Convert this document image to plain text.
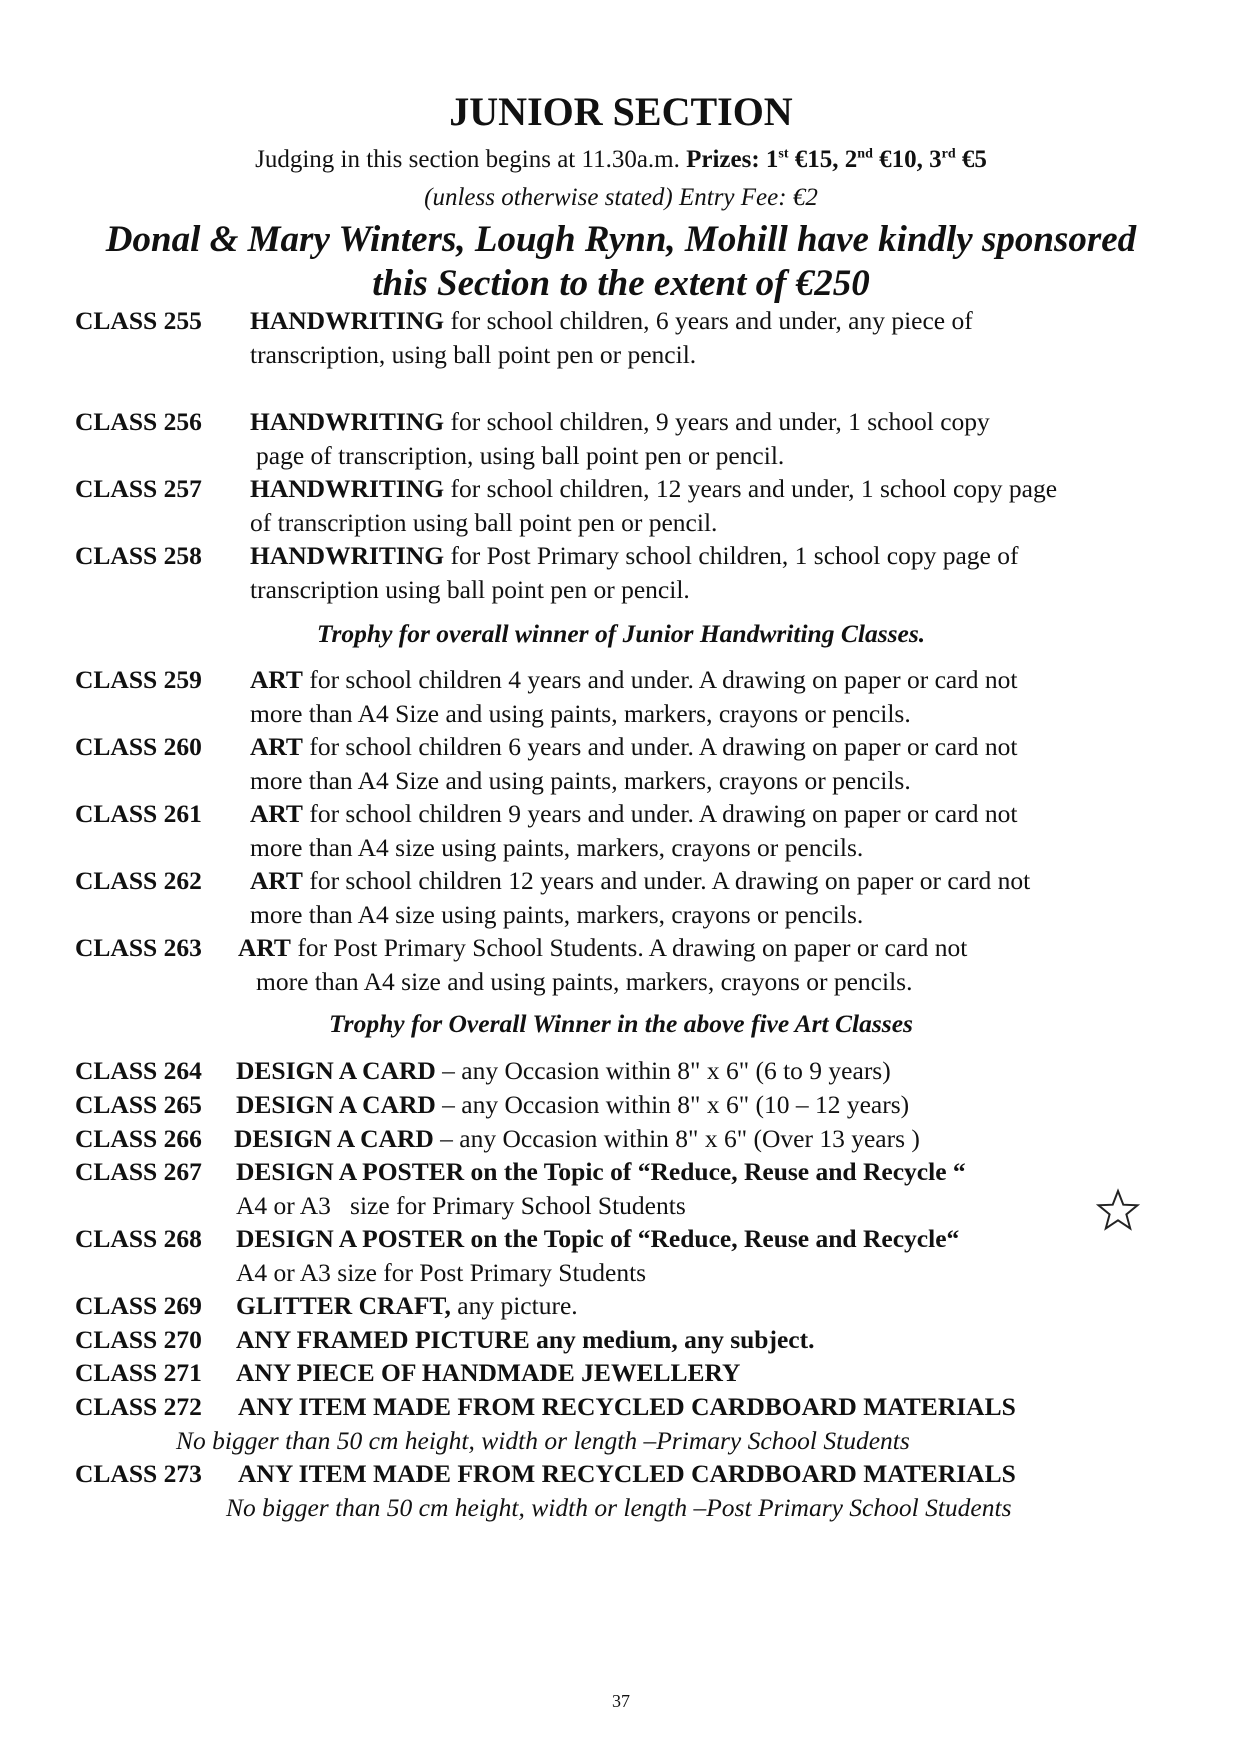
JUNIOR SECTION
Judging in this section begins at 11.30a.m. Prizes: 1st €15, 2nd €10, 3rd €5
(unless otherwise stated) Entry Fee: €2
Donal & Mary Winters, Lough Rynn, Mohill have kindly sponsored
this Section to the extent of €250
CLASS 255 HANDWRITING for school children, 6 years and under, any piece of
transcription, using ball point pen or pencil.
CLASS 256 HANDWRITING for school children, 9 years and under, 1 school copy
page of transcription, using ball point pen or pencil.
CLASS 257 HANDWRITING for school children, 12 years and under, 1 school copy page
of transcription using ball point pen or pencil.
CLASS 258 HANDWRITING for Post Primary school children, 1 school copy page of
transcription using ball point pen or pencil.
Trophy for overall winner of Junior Handwriting Classes.
CLASS 259 ART for school children 4 years and under. A drawing on paper or card not
more than A4 Size and using paints, markers, crayons or pencils.
CLASS 260 ART for school children 6 years and under. A drawing on paper or card not
more than A4 Size and using paints, markers, crayons or pencils.
CLASS 261 ART for school children 9 years and under. A drawing on paper or card not
more than A4 size using paints, markers, crayons or pencils.
CLASS 262 ART for school children 12 years and under. A drawing on paper or card not
more than A4 size using paints, markers, crayons or pencils.
CLASS 263 ART for Post Primary School Students. A drawing on paper or card not
more than A4 size and using paints, markers, crayons or pencils.
Trophy for Overall Winner in the above five Art Classes
CLASS 264 DESIGN A CARD – any Occasion within 8" x 6" (6 to 9 years)
CLASS 265 DESIGN A CARD – any Occasion within 8" x 6" (10 – 12 years)
CLASS 266 DESIGN A CARD – any Occasion within 8" x 6" (Over 13 years )
CLASS 267 DESIGN A POSTER on the Topic of “Reduce, Reuse and Recycle “
A4 or A3   size for Primary School Students
CLASS 268 DESIGN A POSTER on the Topic of “Reduce, Reuse and Recycle“
A4 or A3 size for Post Primary Students
CLASS 269 GLITTER CRAFT, any picture.
CLASS 270 ANY FRAMED PICTURE any medium, any subject.
CLASS 271 ANY PIECE OF HANDMADE JEWELLERY
CLASS 272 ANY ITEM MADE FROM RECYCLED CARDBOARD MATERIALS
No bigger than 50 cm height, width or length –Primary School Students
CLASS 273 ANY ITEM MADE FROM RECYCLED CARDBOARD MATERIALS
No bigger than 50 cm height, width or length –Post Primary School Students
37
